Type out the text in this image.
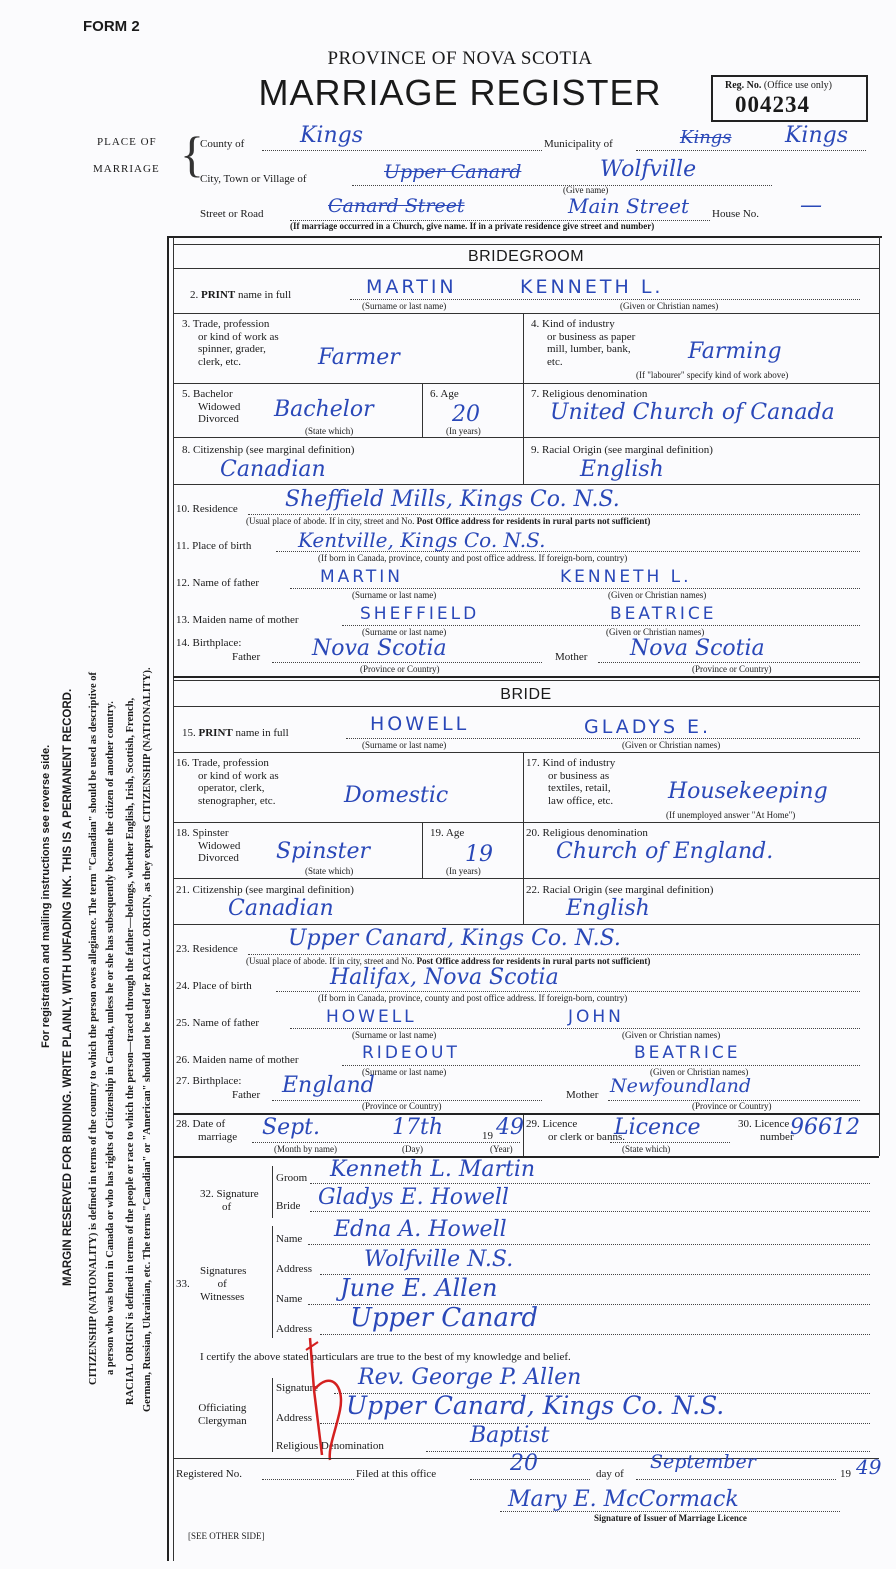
FORM 2
PROVINCE OF NOVA SCOTIA
MARRIAGE REGISTER	Reg. No. (Office use only)
004234
PLACE OF
MARRIAGE {
County of	Kings	Municipality of	Kings Kings
City, Town or Village of	Upper Canard	Wolfville
(Give name)
Street or Road	Canard Street	Main Street House No. —
(If marriage occurred in a Church, give name. If in a private residence give street and number)
For registration and mailing instructions see reverse side. MARGIN RESERVED FOR BINDING. WRITE PLAINLY, WITH UNFADING INK. THIS IS A PERMANENT RECORD. CITIZENSHIP (NATIONALITY) is defined in terms of the country to which the person owes allegiance. The term "Canadian" should be used as descriptive of a person who was born in Canada or who has rights of Citizenship in Canada, unless he or she has subsequently become the citizen of another country. RACIAL ORIGIN is defined in terms of the people or race to which the person—traced through the father—belongs, whether English, Irish, Scottish, French, German, Russian, Ukrainian, etc. The terms "Canadian" or "American" should not be used for RACIAL ORIGIN, as they express CITIZENSHIP (NATIONALITY).
BRIDEGROOM
2. PRINT name in full	MARTIN	KENNETH L.
(Surname or last name)	(Given or Christian names)
3. Trade, profession
or kind of work as
spinner, grader,
clerk, etc.	Farmer
4. Kind of industry
or business as paper
mill, lumber, bank,
etc.	Farming
(If "labourer" specify kind of work above)
5. Bachelor
Widowed
Divorced Bachelor
(State which)
6. Age
20
(In years)
7. Religious denomination
United Church of Canada
8. Citizenship (see marginal definition)
Canadian
9. Racial Origin (see marginal definition)
English
10. Residence Sheffield Mills, Kings Co. N.S.
(Usual place of abode. If in city, street and No. Post Office address for residents in rural parts not sufficient)
11. Place of birth Kentville, Kings Co. N.S.
(If born in Canada, province, county and post office address. If foreign-born, country)
12. Name of father	MARTIN	KENNETH L.
(Surname or last name)	(Given or Christian names)
13. Maiden name of mother	SHEFFIELD	BEATRICE
(Surname or last name)	(Given or Christian names)
14. Birthplace:
Father Nova Scotia	Mother Nova Scotia
(Province or Country)	(Province or Country)
BRIDE
15. PRINT name in full	HOWELL	GLADYS E.
(Surname or last name)	(Given or Christian names)
16. Trade, profession
or kind of work as
operator, clerk,
stenographer, etc.	Domestic
17. Kind of industry
or business as
textiles, retail,
law office, etc. Housekeeping
(If unemployed answer "At Home")
18. Spinster
Widowed
Divorced Spinster
(State which)
19. Age
19
(In years)
20. Religious denomination
Church of England.
21. Citizenship (see marginal definition)
Canadian
22. Racial Origin (see marginal definition)
English
23. Residence Upper Canard, Kings Co. N.S.
(Usual place of abode. If in city, street and No. Post Office address for residents in rural parts not sufficient)
24. Place of birth	Halifax, Nova Scotia
(If born in Canada, province, county and post office address. If foreign-born, country)
25. Name of father	HOWELL	JOHN
(Surname or last name)	(Given or Christian names)
26. Maiden name of mother	RIDEOUT	BEATRICE
(Surname or last name)	(Given or Christian names)
27. Birthplace:
Father England	Mother Newfoundland
(Province or Country)	(Province or Country)
28. Date of
marriage Sept.	17th	19 49
(Month by name)	(Day)	(Year)
29. Licence
or clerk or banns.
Licence
(State which)
30. Licence
number
96612
32. Signature
of
Groom Kenneth L. Martin
Bride Gladys E. Howell
Signatures
of
Witnesses
33.
Name Edna A. Howell
Address Wolfville N.S.
Name June E. Allen
Address Upper Canard
I certify the above stated particulars are true to the best of my knowledge and belief.
Officiating
Clergyman
Signature Rev. George P. Allen
Address Upper Canard, Kings Co. N.S.
Religious Denomination	Baptist
Registered No.	Filed at this office	20	day of
September
19 49
Mary E. McCormack
Signature of Issuer of Marriage Licence
[SEE OTHER SIDE]
